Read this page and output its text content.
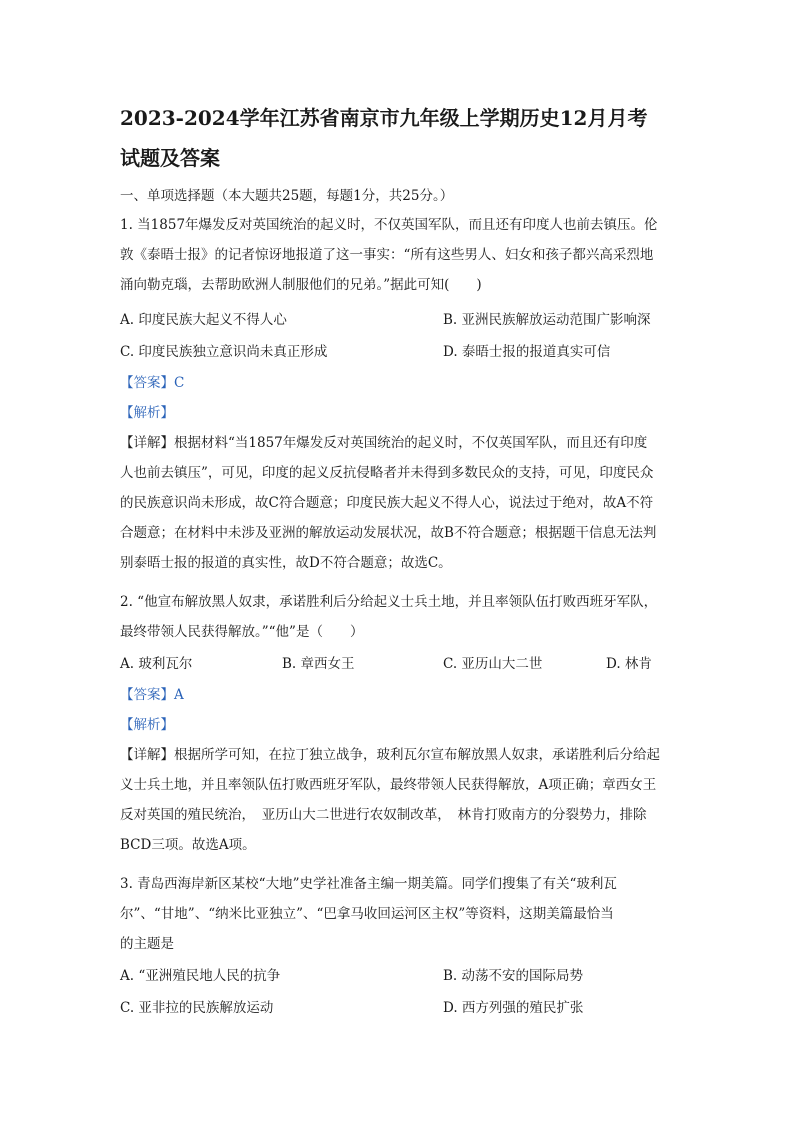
2023-2024学年江苏省南京市九年级上学期历史12月月考
试题及答案
一、单项选择题（本大题共25题，每题1分，共25分。）
1. 当1857年爆发反对英国统治的起义时，不仅英国军队，而且还有印度人也前去镇压。伦
敦《泰晤士报》的记者惊讶地报道了这一事实：“所有这些男人、妇女和孩子都兴高采烈地
涌向勒克瑙，去帮助欧洲人制服他们的兄弟。”据此可知(　　)
A. 印度民族大起义不得人心	B. 亚洲民族解放运动范围广影响深
C. 印度民族独立意识尚未真正形成	D. 泰晤士报的报道真实可信
【答案】C
【解析】
【详解】根据材料“当1857年爆发反对英国统治的起义时，不仅英国军队，而且还有印度
人也前去镇压”，可见，印度的起义反抗侵略者并未得到多数民众的支持，可见，印度民众
的民族意识尚未形成，故C符合题意；印度民族大起义不得人心，说法过于绝对，故A不符
合题意；在材料中未涉及亚洲的解放运动发展状况，故B不符合题意；根据题干信息无法判
别泰晤士报的报道的真实性，故D不符合题意；故选C。
2. “他宣布解放黑人奴隶，承诺胜利后分给起义士兵土地，并且率领队伍打败西班牙军队，
最终带领人民获得解放。”“他”是（　　）
A. 玻利瓦尔	B. 章西女王	C. 亚历山大二世	D. 林肯
【答案】A
【解析】
【详解】根据所学可知，在拉丁独立战争，玻利瓦尔宣布解放黑人奴隶，承诺胜利后分给起
义士兵土地，并且率领队伍打败西班牙军队，最终带领人民获得解放，A项正确；章西女王
反对英国的殖民统治，　亚历山大二世进行农奴制改革，　林肯打败南方的分裂势力，排除
BCD三项。故选A项。
3. 青岛西海岸新区某校“大地”史学社准备主编一期美篇。同学们搜集了有关“玻利瓦
尔”、“甘地”、“纳米比亚独立”、“巴拿马收回运河区主权”等资料，这期美篇最恰当
的主题是
A. “亚洲殖民地人民的抗争	B. 动荡不安的国际局势
C. 亚非拉的民族解放运动	D. 西方列强的殖民扩张
